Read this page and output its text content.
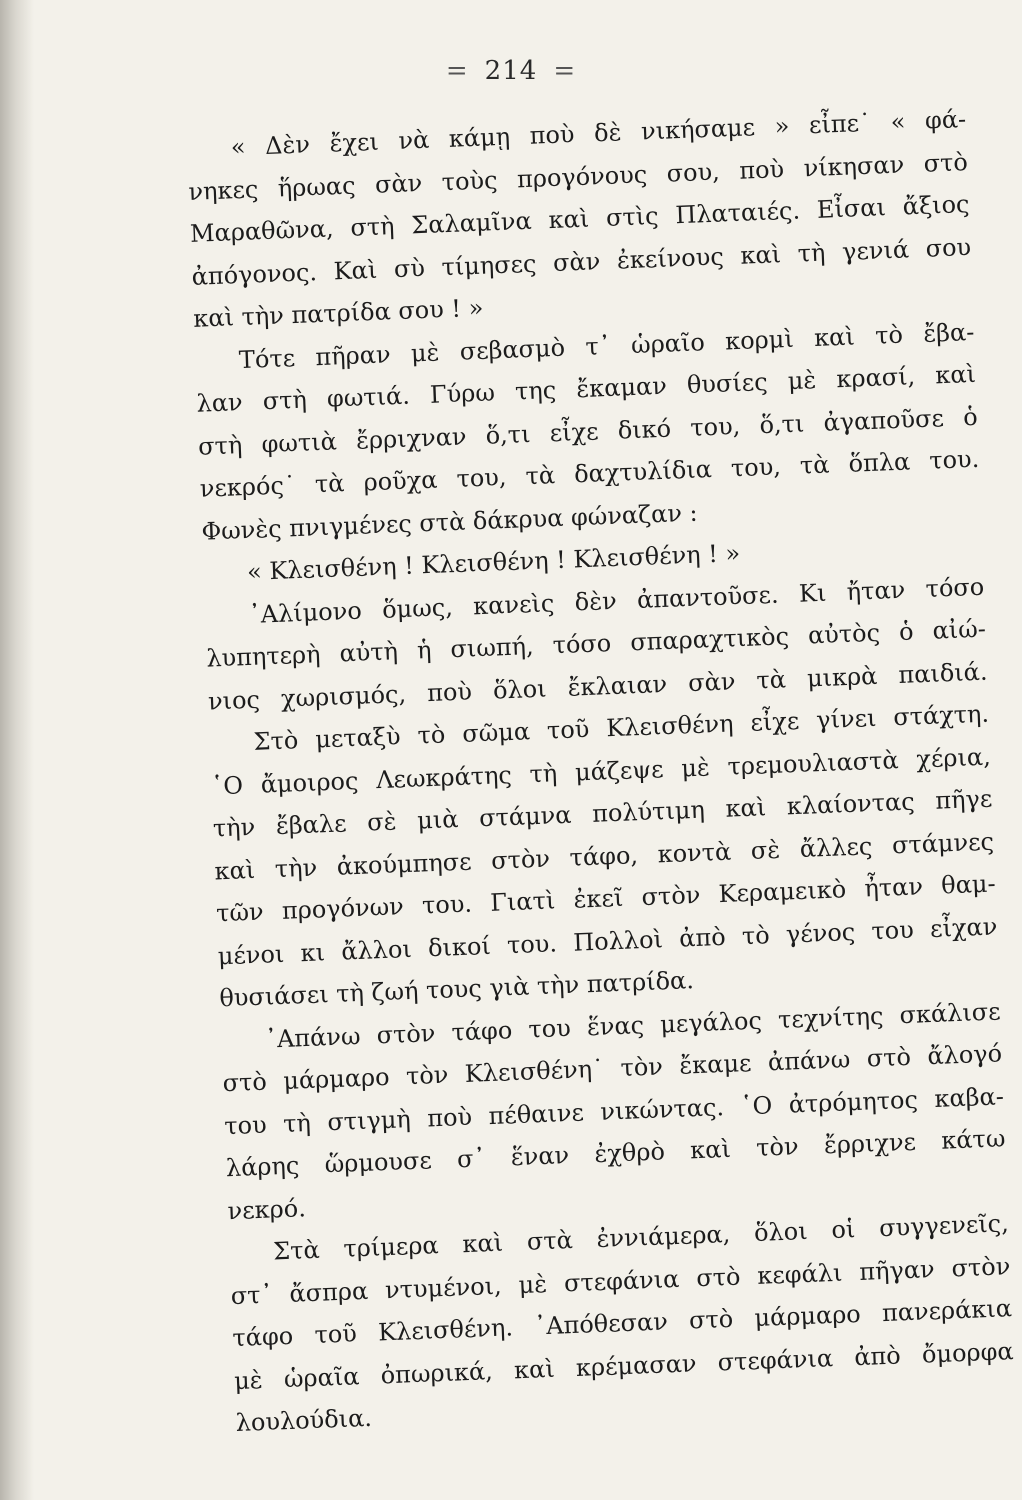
= 214 =
« Δὲν ἔχει νὰ κάμῃ ποὺ δὲ νικήσαμε » εἶπε˙ « φά-
νηκες ἥρωας σὰν τοὺς προγόνους σου, ποὺ νίκησαν στὸ
Μαραθῶνα, στὴ Σαλαμῖνα καὶ στὶς Πλαταιές. Εἶσαι ἄξιος
ἀπόγονος. Καὶ σὺ τίμησες σὰν ἐκείνους καὶ τὴ γενιά σου
καὶ τὴν πατρίδα σου ! »
Τότε πῆραν μὲ σεβασμὸ τ᾽ ὡραῖο κορμὶ καὶ τὸ ἔβα-
λαν στὴ φωτιά. Γύρω της ἔκαμαν θυσίες μὲ κρασί, καὶ
στὴ φωτιὰ ἔρριχναν ὅ,τι εἶχε δικό του, ὅ,τι ἀγαποῦσε ὁ
νεκρός˙ τὰ ροῦχα του, τὰ δαχτυλίδια του, τὰ ὅπλα του.
Φωνὲς πνιγμένες στὰ δάκρυα φώναζαν :
« Κλεισθένη ! Κλεισθένη ! Κλεισθένη ! »
᾽Αλίμονο ὅμως, κανεὶς δὲν ἀπαντοῦσε. Κι ἤταν τόσο
λυπητερὴ αὐτὴ ἡ σιωπή, τόσο σπαραχτικὸς αὐτὸς ὁ αἰώ-
νιος χωρισμός, ποὺ ὅλοι ἔκλαιαν σὰν τὰ μικρὰ παιδιά.
Στὸ μεταξὺ τὸ σῶμα τοῦ Κλεισθένη εἶχε γίνει στάχτη.
῾Ο ἄμοιρος Λεωκράτης τὴ μάζεψε μὲ τρεμουλιαστὰ χέρια,
τὴν ἔβαλε σὲ μιὰ στάμνα πολύτιμη καὶ κλαίοντας πῆγε
καὶ τὴν ἀκούμπησε στὸν τάφο, κοντὰ σὲ ἄλλες στάμνες
τῶν προγόνων του. Γιατὶ ἐκεῖ στὸν Κεραμεικὸ ἦταν θαμ-
μένοι κι ἄλλοι δικοί του. Πολλοὶ ἀπὸ τὸ γένος του εἶχαν
θυσιάσει τὴ ζωή τους γιὰ τὴν πατρίδα.
᾽Απάνω στὸν τάφο του ἕνας μεγάλος τεχνίτης σκάλισε
στὸ μάρμαρο τὸν Κλεισθένη˙ τὸν ἔκαμε ἀπάνω στὸ ἄλογό
του τὴ στιγμὴ ποὺ πέθαινε νικώντας. ῾Ο ἀτρόμητος καβα-
λάρης ὥρμουσε σ᾽ ἕναν ἐχθρὸ καὶ τὸν ἔρριχνε κάτω
νεκρό.
Στὰ τρίμερα καὶ στὰ ἐννιάμερα, ὅλοι οἱ συγγενεῖς,
στ᾽ ἄσπρα ντυμένοι, μὲ στεφάνια στὸ κεφάλι πῆγαν στὸν
τάφο τοῦ Κλεισθένη. ᾽Απόθεσαν στὸ μάρμαρο πανεράκια
μὲ ὡραῖα ὀπωρικά, καὶ κρέμασαν στεφάνια ἀπὸ ὄμορφα
λουλούδια.
